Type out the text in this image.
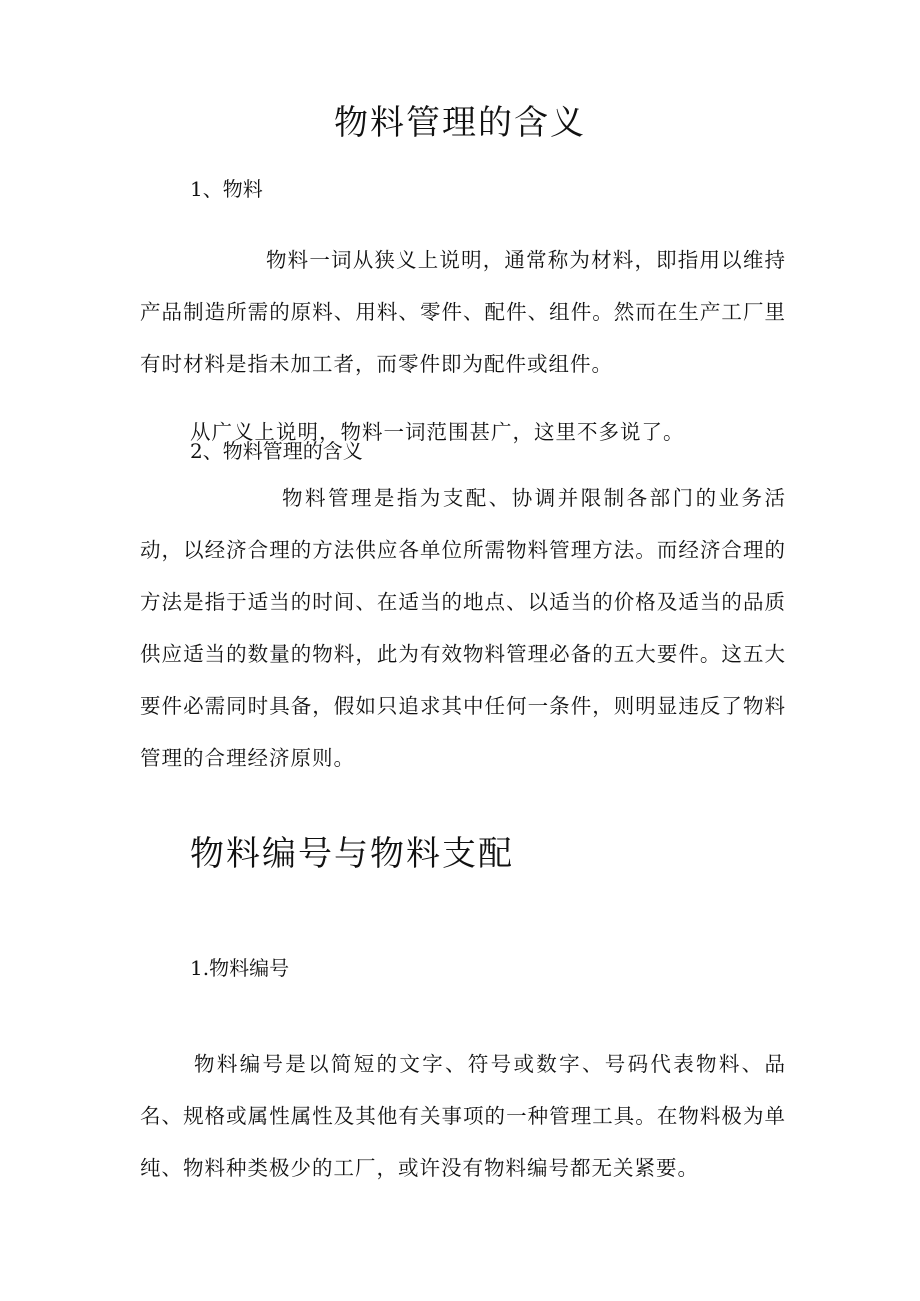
物料管理的含义

1、物料

物料一词从狭义上说明，通常称为材料，即指用以维持产品制造所需的原料、用料、零件、配件、组件。然而在生产工厂里有时材料是指未加工者，而零件即为配件或组件。

从广义上说明，物料一词范围甚广，这里不多说了。

2、物料管理的含义

物料管理是指为支配、协调并限制各部门的业务活动，以经济合理的方法供应各单位所需物料管理方法。而经济合理的方法是指于适当的时间、在适当的地点、以适当的价格及适当的品质供应适当的数量的物料，此为有效物料管理必备的五大要件。这五大要件必需同时具备，假如只追求其中任何一条件，则明显违反了物料管理的合理经济原则。

物料编号与物料支配

1.物料编号

物料编号是以简短的文字、符号或数字、号码代表物料、品名、规格或属性属性及其他有关事项的一种管理工具。在物料极为单纯、物料种类极少的工厂，或许没有物料编号都无关紧要。
